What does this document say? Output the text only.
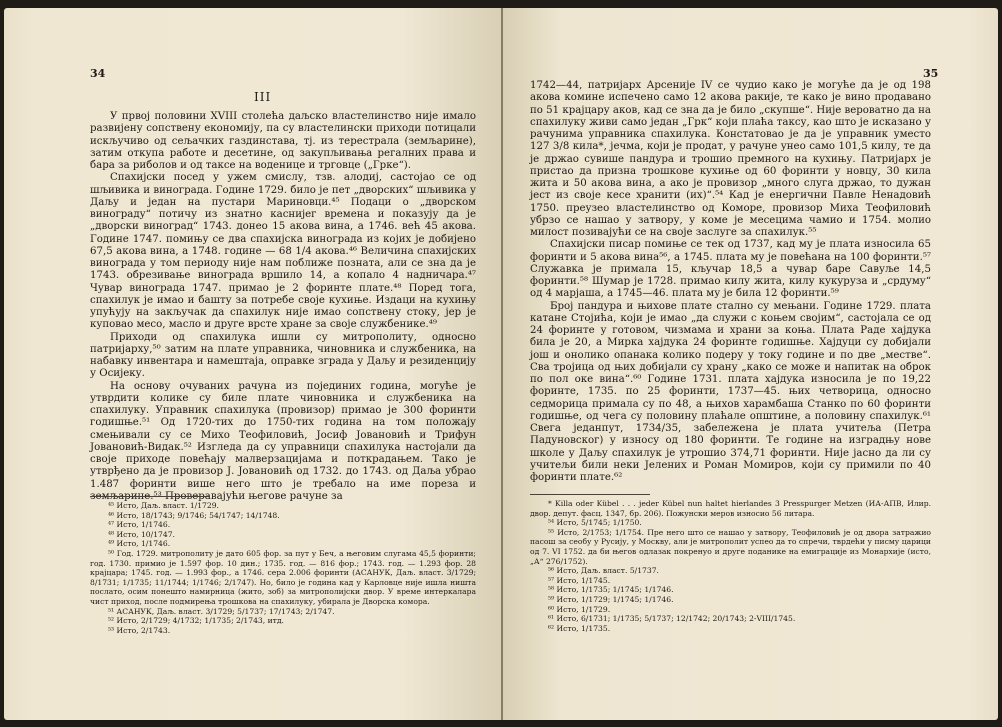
34
III

У првој половини XVIII столећа даљско властелинство није имало развијену сопствену економију, па су властелински приходи потицали искључиво од сељачких газдинстава, тј. из терестрала (земљарине), затим откупа работе и десетине, од закупљивања регалних права и бара за риболов и од таксе на воденице и трговце („Грке“).

Спахијски посед у ужем смислу, тзв. алодиј, састојао се од шљивика и винограда. Године 1729. било је пет „дворских“ шљивика у Даљу и један на пустари Мариновци.⁴⁵ Подаци о „дворском винограду“ потичу из знатно каснијег времена и показују да је „дворски виноград“ 1743. донео 15 акова вина, а 1746. већ 45 акова. Године 1747. помињу се два спахијска винограда из којих је добијено 67,5 акова вина, а 1748. године — 68 1/4 акова.⁴⁶ Величина спахијских винограда у том периоду није нам поближе позната, али се зна да је 1743. обрезивање винограда вршило 14, а копало 4 надничара.⁴⁷ Чувар винограда 1747. примао је 2 форинте плате.⁴⁸ Поред тога, спахилук је имао и башту за потребе своје кухиње. Издаци на кухињу упућују на закључак да спахилук није имао сопствену стоку, јер је куповао месо, масло и друге врсте хране за своје службенике.⁴⁹

Приходи од спахилука ишли су митрополиту, односно патријарху,⁵⁰ затим на плате управника, чиновника и службеника, на набавку инвентара и намештаја, оправке зграда у Даљу и резиденцију у Осијеку.

На основу очуваних рачуна из појединих година, могуће је утврдити колике су биле плате чиновника и службеника на спахилуку. Управник спахилука (провизор) примао је 300 форинти годишње.⁵¹ Од 1720-тих до 1750-тих година на том положају смењивали су се Михо Теофиловић, Јосиф Јовановић и Трифун Јовановић-Видак.⁵² Изгледа да су управници спахилука настојали да своје приходе повећају малверзацијама и поткрадањем. Тако је утврђено да је провизор Ј. Јовановић од 1732. до 1743. од Даља убрао 1.487 форинти више него што је требало на име пореза и земљарине.⁵³ Проверавајући његове рачуне за

⁴⁵ Исто, Даљ. власт. 1/1729.

⁴⁶ Исто, 18/1743; 9/1746; 54/1747; 14/1748.

⁴⁷ Исто, 1/1746.

⁴⁸ Исто, 10/1747.

⁴⁹ Исто, 1/1746.

⁵⁰ Год. 1729. митрополиту је дато 605 фор. за пут у Беч, а његовим слугама 45,5 форинти; год. 1730. примио је 1.597 фор. 10 дин.; 1735. год. — 816 фор.; 1743. год. — 1.293 фор. 28 крајцара; 1745. год. — 1.993 фор., а 1746. сера 2.006 форинти (АСАНУК, Даљ. власт. 3/1729; 8/1731; 1/1735; 11/1744; 1/1746; 2/1747). Но, било је година кад у Карловце није ишла ништа послато, осим понешто намирница (жито, зоб) за митрополијски двор. У време интеркалара чист приход, после подмирења трошкова на спахилуку, убирала је Дворска комора.

⁵¹ АСАНУК, Даљ. власт. 3/1729; 5/1737; 17/1743; 2/1747.

⁵² Исто, 2/1729; 4/1732; 1/1735; 2/1743, итд.

⁵³ Исто, 2/1743.

35

1742—44, патријарх Арсеније IV се чудио како је могуће да је од 198 акова комине испечено само 12 акова ракије, те како је вино продавано по 51 крајцару аков, кад се зна да је било „скупше“. Није вероватно да на спахилуку живи само један „Грк“ који плаћа таксу, као што је исказано у рачунима управника спахилука. Констатовао је да је управник уместо 127 3/8 кила*, јечма, који је продат, у рачуне унео само 101,5 килу, те да је држао сувише пандура и трошио премного на кухињу. Патријарх је пристао да призна трошкове кухиње од 60 форинти у новцу, 30 кила жита и 50 акова вина, а ако је провизор „много слуга држао, то дужан јест из своје кесе хранити (их)“.⁵⁴ Кад је енергични Павле Ненадовић 1750. преузео властелинство од Коморе, провизор Миха Теофиловић убрзо се нашао у затвору, у коме је месецима чамио и 1754. молио милост позивајући се на своје заслуге за спахилук.⁵⁵

Спахијски писар помиње се тек од 1737, кад му је плата износила 65 форинти и 5 акова вина⁵⁶, а 1745. плата му је повећана на 100 форинти.⁵⁷ Служавка је примала 15, кључар 18,5 а чувар баре Савуље 14,5 форинти.⁵⁸ Шумар је 1728. примао килу жита, килу кукуруза и „срдуму“ од 4 марјаша, а 1745—46. плата му је била 12 форинти.⁵⁹

Број пандура и њихове плате стално су мењани. Године 1729. плата катане Стојића, који је имао „да служи с коњем својим“, састојала се од 24 форинте у готовом, чизмама и храни за коња. Плата Раде хајдука била је 20, а Мирка хајдука 24 форинте годишње. Хајдуци су добијали још и онолико опанака колико подеру у току године и по две „местве“. Сва тројица од њих добијали су храну „како се може и напитак на оброк по пол оке вина“.⁶⁰ Године 1731. плата хајдука износила је по 19,22 форинте, 1735. по 25 форинти, 1737—45. њих четворица, односно седморица примала су по 48, а њихов харамбаша Станко по 60 форинти годишње, од чега су половину плаћале општине, а половину спахилук.⁶¹ Свега једанпут, 1734/35, забележена је плата учитеља (Петра Падуновског) у износу од 180 форинти. Те године на изградњу нове школе у Даљу спахилук је утрошио 374,71 форинти. Није јасно да ли су учитељи били неки Јелених и Роман Момиров, који су примили по 40 форинти плате.⁶²

* Killa oder Kübel . . . jeder Kübel nun haltet hierlandes 3 Presspurger Metzen (ИА-АПВ, Илир. двор. депут. фасц. 1347, бр. 206). Пожунски меров износио 56 литара.

⁵⁴ Исто, 5/1745; 1/1750.

⁵⁵ Исто, 2/1753; 1/1754. Пре него што се нашао у затвору, Теофиловић је од двора затражио пасош за сеобу у Русију, у Москву, али је митрополит успео да то спречи, тврдећи у писму царици од 7. VI 1752. да би његов одлазак покренуо и друге поданике на емиграције из Монархије (исто, „А“ 276/1752).

⁵⁶ Исто, Даљ. власт. 5/1737.

⁵⁷ Исто, 1/1745.

⁵⁸ Исто, 1/1735; 1/1745; 1/1746.

⁵⁹ Исто, 1/1729; 1/1745; 1/1746.

⁶⁰ Исто, 1/1729.

⁶¹ Исто, 6/1731; 1/1735; 5/1737; 12/1742; 20/1743; 2-VIII/1745.

⁶² Исто, 1/1735.
